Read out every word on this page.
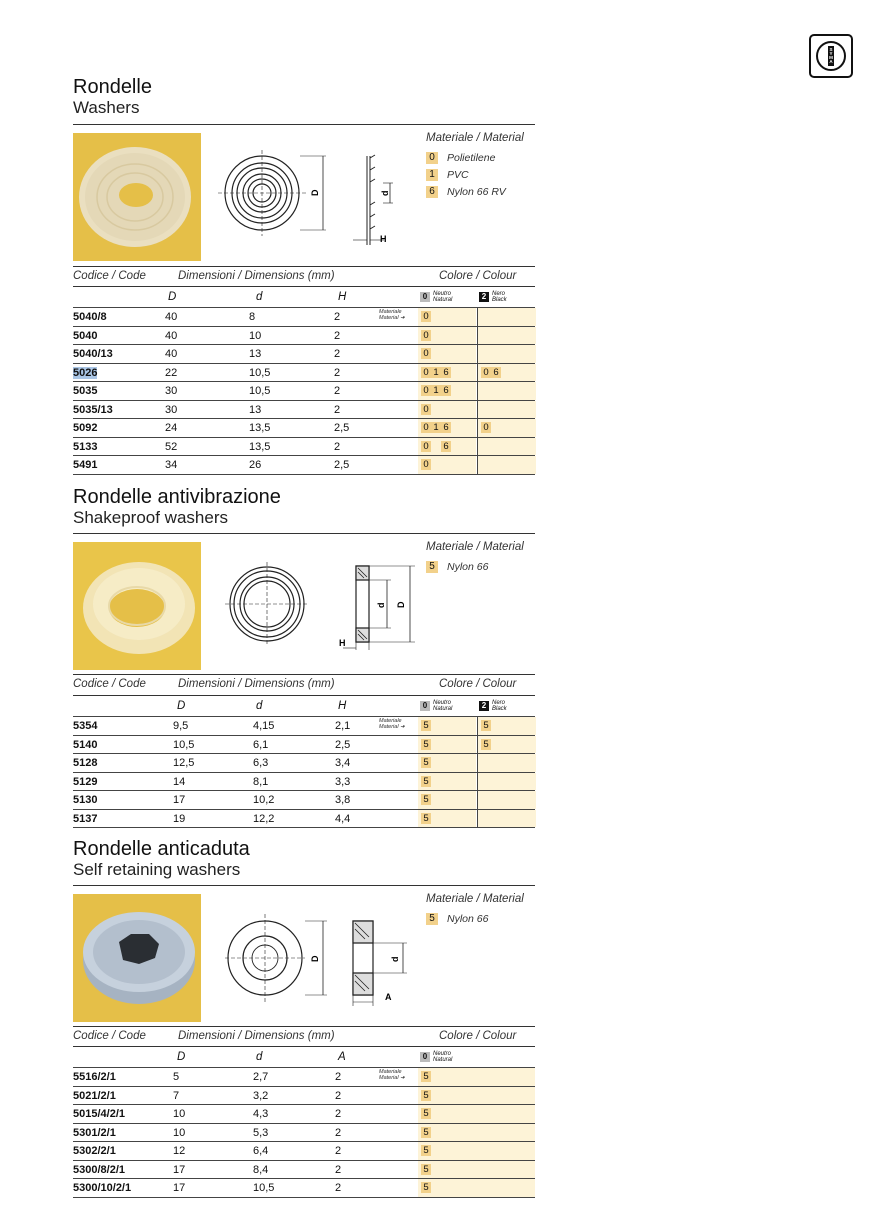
S
Y
M
A
Rondelle
Washers
D	d
H
Materiale / Material
0	Polietilene
1	PVC
6	Nylon 66 RV
Codice / Code	Dimensioni / Dimensions (mm)	Colore / Colour
D	d	H	0 Neutro
Natural	2 Nero
Black
5040/8	40	8	2	Materiale
Material ➔ 0
5040	40	10	2	0
5040/13	40	13	2	0
5026	22	10,5	2	0 1 6	0 6
5035	30	10,5	2	0 1 6
5035/13	30	13	2	0
5092	24	13,5	2,5	0 1 6	0
5133	52	13,5	2	0 6
5491	34	26	2,5	0
Rondelle antivibrazione
Shakeproof washers
D
d
H
Materiale / Material
5	Nylon 66
Codice / Code	Dimensioni / Dimensions (mm)	Colore / Colour
D	d	H	0 Neutro
Natural	2 Nero
Black
5354	9,5	4,15	2,1	Materiale
Material ➔ 5	5
5140	10,5	6,1	2,5	5	5
5128	12,5	6,3	3,4	5
5129	14	8,1	3,3	5
5130	17	10,2	3,8	5
5137	19	12,2	4,4	5
Rondelle anticaduta
Self retaining washers
D	d
A
Materiale / Material
5	Nylon 66
Codice / Code	Dimensioni / Dimensions (mm)	Colore / Colour
D	d	A	0 Neutro
Natural
5516/2/1	5	2,7	2	Materiale
Material ➔ 5
5021/2/1	7	3,2	2	5
5015/4/2/1	10	4,3	2	5
5301/2/1	10	5,3	2	5
5302/2/1	12	6,4	2	5
5300/8/2/1	17	8,4	2	5
5300/10/2/1	17	10,5	2	5
